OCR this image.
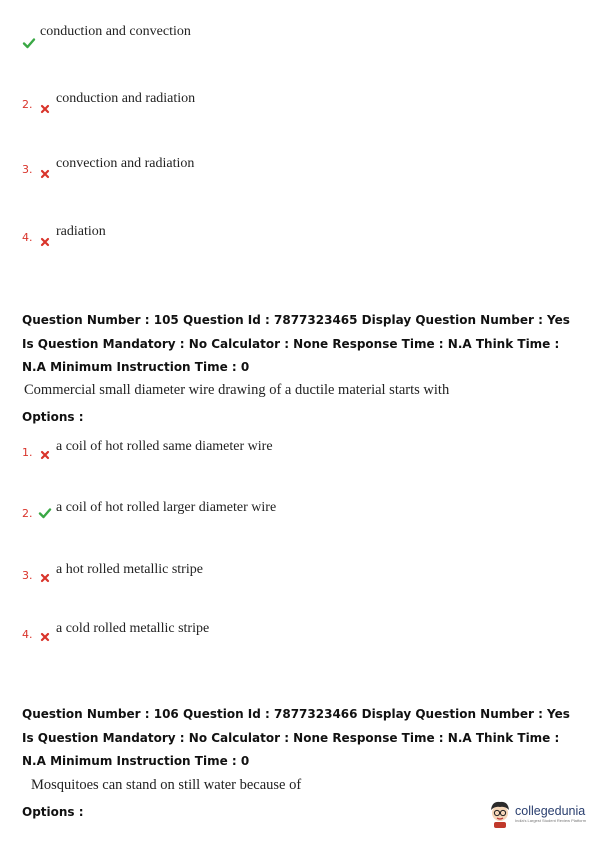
conduction and convection
2.	conduction and radiation
3.	convection and radiation
4.	radiation
Question Number : 105 Question Id : 7877323465 Display Question Number : Yes Is Question Mandatory : No Calculator : None Response Time : N.A Think Time : N.A Minimum Instruction Time : 0
Commercial small diameter wire drawing of a ductile material starts with
Options :
1.	a coil of hot rolled same diameter wire
2.	a coil of hot rolled larger diameter wire
3.	a hot rolled metallic stripe
4.	a cold rolled metallic stripe
Question Number : 106 Question Id : 7877323466 Display Question Number : Yes Is Question Mandatory : No Calculator : None Response Time : N.A Think Time : N.A Minimum Instruction Time : 0
Mosquitoes can stand on still water because of
Options :	collegedunia
India's Largest Student Review Platform
